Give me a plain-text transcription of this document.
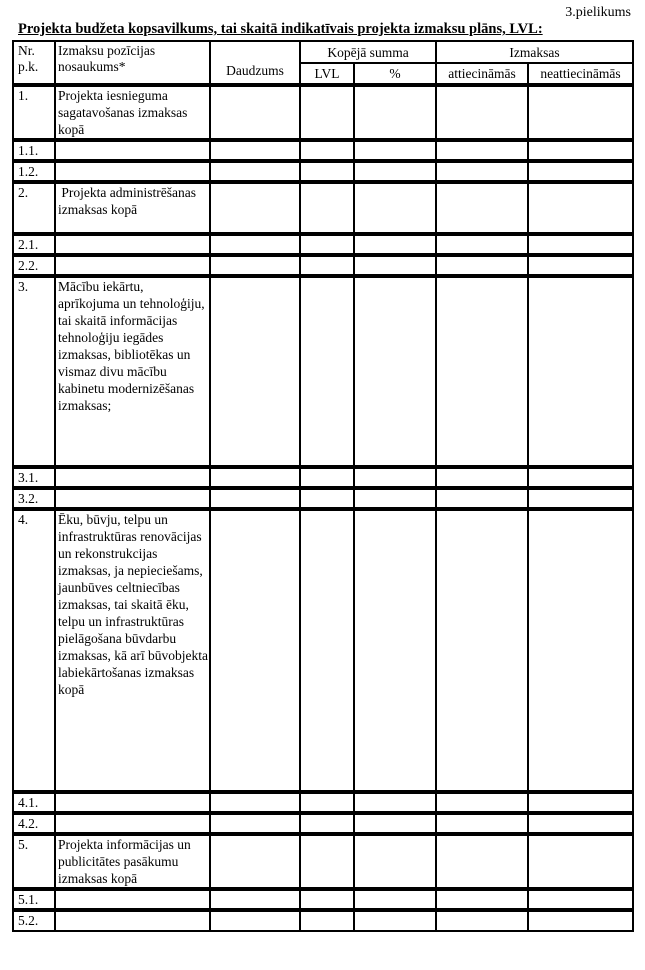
3.pielikums
Projekta budžeta kopsavilkums, tai skaitā indikatīvais projekta izmaksu plāns, LVL:
Nr. p.k.	Izmaksu pozīcijas nosaukums*	Daudzums	Kopējā summa		Izmaksas	
			LVL	%	attiecināmās	neattiecināmās
1.	Projekta iesnieguma sagatavošanas izmaksas kopā					
1.1.						
1.2.						
2.	Projekta administrēšanas izmaksas kopā					
2.1.						
2.2.						
3.	Mācību iekārtu, aprīkojuma un tehnoloģiju, tai skaitā informācijas tehnoloģiju iegādes izmaksas, bibliotēkas un vismaz divu mācību kabinetu modernizēšanas izmaksas;					
3.1.						
3.2.						
4.	Ēku, būvju, telpu un infrastruktūras renovācijas un rekonstrukcijas izmaksas, ja nepieciešams, jaunbūves celtniecības izmaksas, tai skaitā ēku, telpu un infrastruktūras pielāgošana būvdarbu izmaksas, kā arī būvobjekta labiekārtošanas izmaksas kopā					
4.1.						
4.2.						
5.	Projekta informācijas un publicitātes pasākumu izmaksas kopā					
5.1.						
5.2.						
